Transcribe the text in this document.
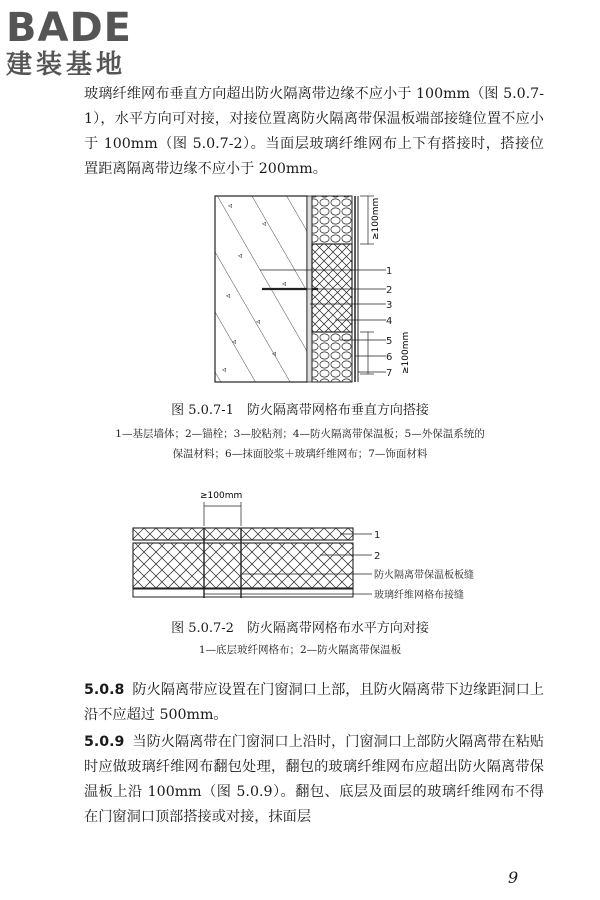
BADE
建装基地
玻璃纤维网布垂直方向超出防火隔离带边缘不应小于 100mm（图 5.0.7-1），水平方向可对接，对接位置离防火隔离带保温板端部接缝位置不应小于 100mm（图 5.0.7-2）。当面层玻璃纤维网布上下有搭接时，搭接位置距离隔离带边缘不应小于 200mm。
◃
◃
◃
◃
◃
◃
◃
◃
◃
≥100mm
≥100mm
1
2
3
4
5
6
7
≥100mm
1
2
防火隔离带保温板板缝
玻璃纤维网格布接缝
图 5.0.7-1　防火隔离带网格布垂直方向搭接
1—基层墙体；2—锚栓；3—胶粘剂；4—防火隔离带保温板；5—外保温系统的
保温材料；6—抹面胶浆＋玻璃纤维网布；7—饰面材料
图 5.0.7-2　防火隔离带网格布水平方向对接
1—底层玻纤网格布；2—防火隔离带保温板
5.0.8 防火隔离带应设置在门窗洞口上部，且防火隔离带下边缘距洞口上沿不应超过 500mm。
5.0.9 当防火隔离带在门窗洞口上沿时，门窗洞口上部防火隔离带在粘贴时应做玻璃纤维网布翻包处理，翻包的玻璃纤维网布应超出防火隔离带保温板上沿 100mm（图 5.0.9）。翻包、底层及面层的玻璃纤维网布不得在门窗洞口顶部搭接或对接，抹面层
9
